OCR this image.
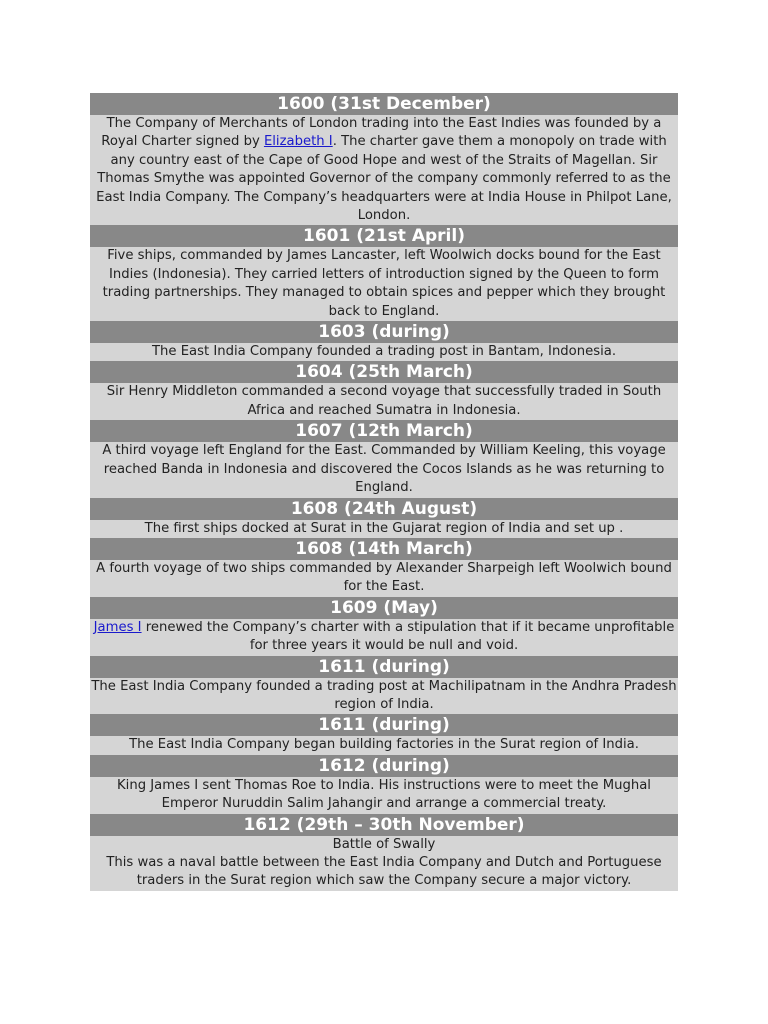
1600 (31st December)
The Company of Merchants of London trading into the East Indies was founded by a Royal Charter signed by Elizabeth I. The charter gave them a monopoly on trade with any country east of the Cape of Good Hope and west of the Straits of Magellan. Sir Thomas Smythe was appointed Governor of the company commonly referred to as the East India Company. The Company’s headquarters were at India House in Philpot Lane, London.
1601 (21st April)
Five ships, commanded by James Lancaster, left Woolwich docks bound for the East Indies (Indonesia). They carried letters of introduction signed by the Queen to form trading partnerships. They managed to obtain spices and pepper which they brought back to England.
1603 (during)
The East India Company founded a trading post in Bantam, Indonesia.
1604 (25th March)
Sir Henry Middleton commanded a second voyage that successfully traded in South Africa and reached Sumatra in Indonesia.
1607 (12th March)
A third voyage left England for the East. Commanded by William Keeling, this voyage reached Banda in Indonesia and discovered the Cocos Islands as he was returning to England.
1608 (24th August)
The first ships docked at Surat in the Gujarat region of India and set up .
1608 (14th March)
A fourth voyage of two ships commanded by Alexander Sharpeigh left Woolwich bound for the East.
1609 (May)
James I renewed the Company’s charter with a stipulation that if it became unprofitable for three years it would be null and void.
1611 (during)
The East India Company founded a trading post at Machilipatnam in the Andhra Pradesh region of India.
1611 (during)
The East India Company began building factories in the Surat region of India.
1612 (during)
King James I sent Thomas Roe to India. His instructions were to meet the Mughal Emperor Nuruddin Salim Jahangir and arrange a commercial treaty.
1612 (29th – 30th November)

Battle of Swally

This was a naval battle between the East India Company and Dutch and Portuguese traders in the Surat region which saw the Company secure a major victory.
